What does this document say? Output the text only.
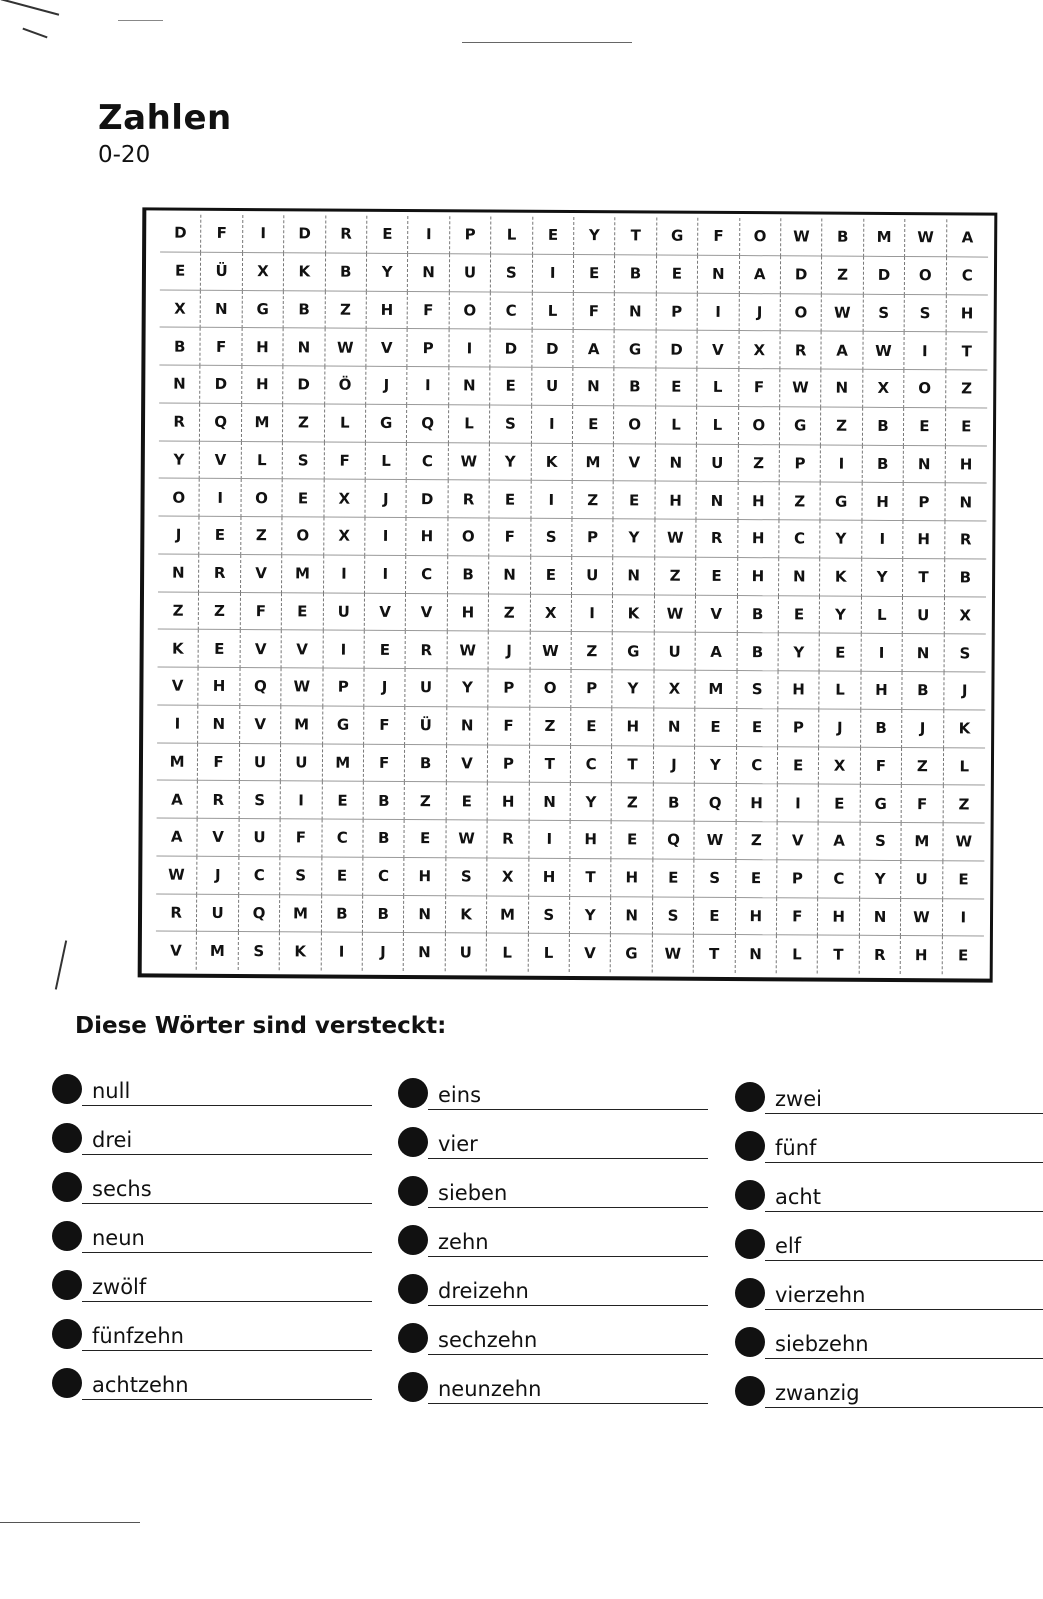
Zahlen
0-20
D	F	I	D	R	E	I	P	L	E	Y	T	G	F	O	W	B	M	W	A
E	Ü	X	K	B	Y	N	U	S	I	E	B	E	N	A	D	Z	D	O	C
X	N	G	B	Z	H	F	O	C	L	F	N	P	I	J	O	W	S	S	H
B	F	H	N	W	V	P	I	D	D	A	G	D	V	X	R	A	W	I	T
N	D	H	D	Ö	J	I	N	E	U	N	B	E	L	F	W	N	X	O	Z
R	Q	M	Z	L	G	Q	L	S	I	E	O	L	L	O	G	Z	B	E	E
Y	V	L	S	F	L	C	W	Y	K	M	V	N	U	Z	P	I	B	N	H
O	I	O	E	X	J	D	R	E	I	Z	E	H	N	H	Z	G	H	P	N
J	E	Z	O	X	I	H	O	F	S	P	Y	W	R	H	C	Y	I	H	R
N	R	V	M	I	I	C	B	N	E	U	N	Z	E	H	N	K	Y	T	B
Z	Z	F	E	U	V	V	H	Z	X	I	K	W	V	B	E	Y	L	U	X
K	E	V	V	I	E	R	W	J	W	Z	G	U	A	B	Y	E	I	N	S
V	H	Q	W	P	J	U	Y	P	O	P	Y	X	M	S	H	L	H	B	J
I	N	V	M	G	F	Ü	N	F	Z	E	H	N	E	E	P	J	B	J	K
M	F	U	U	M	F	B	V	P	T	C	T	J	Y	C	E	X	F	Z	L
A	R	S	I	E	B	Z	E	H	N	Y	Z	B	Q	H	I	E	G	F	Z
A	V	U	F	C	B	E	W	R	I	H	E	Q	W	Z	V	A	S	M	W
W	J	C	S	E	C	H	S	X	H	T	H	E	S	E	P	C	Y	U	E
R	U	Q	M	B	B	N	K	M	S	Y	N	S	E	H	F	H	N	W	I
V	M	S	K	I	J	N	U	L	L	V	G	W	T	N	L	T	R	H	E
Diese Wörter sind versteckt:
null	eins	zwei
drei	vier	fünf
sechs	sieben	acht
neun	zehn	elf
zwölf	dreizehn	vierzehn
fünfzehn	sechzehn	siebzehn
achtzehn	neunzehn	zwanzig
